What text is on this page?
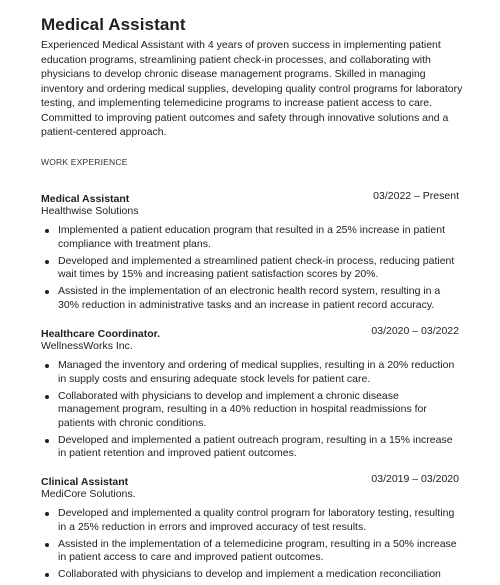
Medical Assistant

Experienced Medical Assistant with 4 years of proven success in implementing patient education programs, streamlining patient check-in processes, and collaborating with physicians to develop chronic disease management programs. Skilled in managing inventory and ordering medical supplies, developing quality control programs for laboratory testing, and implementing telemedicine programs to increase patient access to care. Committed to improving patient outcomes and safety through innovative solutions and a patient-centered approach.

WORK EXPERIENCE
Medical Assistant	03/2022 – Present
Healthwise Solutions
Implemented a patient education program that resulted in a 25% increase in patient compliance with treatment plans.
Developed and implemented a streamlined patient check-in process, reducing patient wait times by 15% and increasing patient satisfaction scores by 20%.
Assisted in the implementation of an electronic health record system, resulting in a 30% reduction in administrative tasks and an increase in patient record accuracy.
Healthcare Coordinator.	03/2020 – 03/2022
WellnessWorks Inc.
Managed the inventory and ordering of medical supplies, resulting in a 20% reduction in supply costs and ensuring adequate stock levels for patient care.
Collaborated with physicians to develop and implement a chronic disease management program, resulting in a 40% reduction in hospital readmissions for patients with chronic conditions.
Developed and implemented a patient outreach program, resulting in a 15% increase in patient retention and improved patient outcomes.
Clinical Assistant	03/2019 – 03/2020
MediCore Solutions.
Developed and implemented a quality control program for laboratory testing, resulting in a 25% reduction in errors and improved accuracy of test results.
Assisted in the implementation of a telemedicine program, resulting in a 50% increase in patient access to care and improved patient outcomes.
Collaborated with physicians to develop and implement a medication reconciliation
